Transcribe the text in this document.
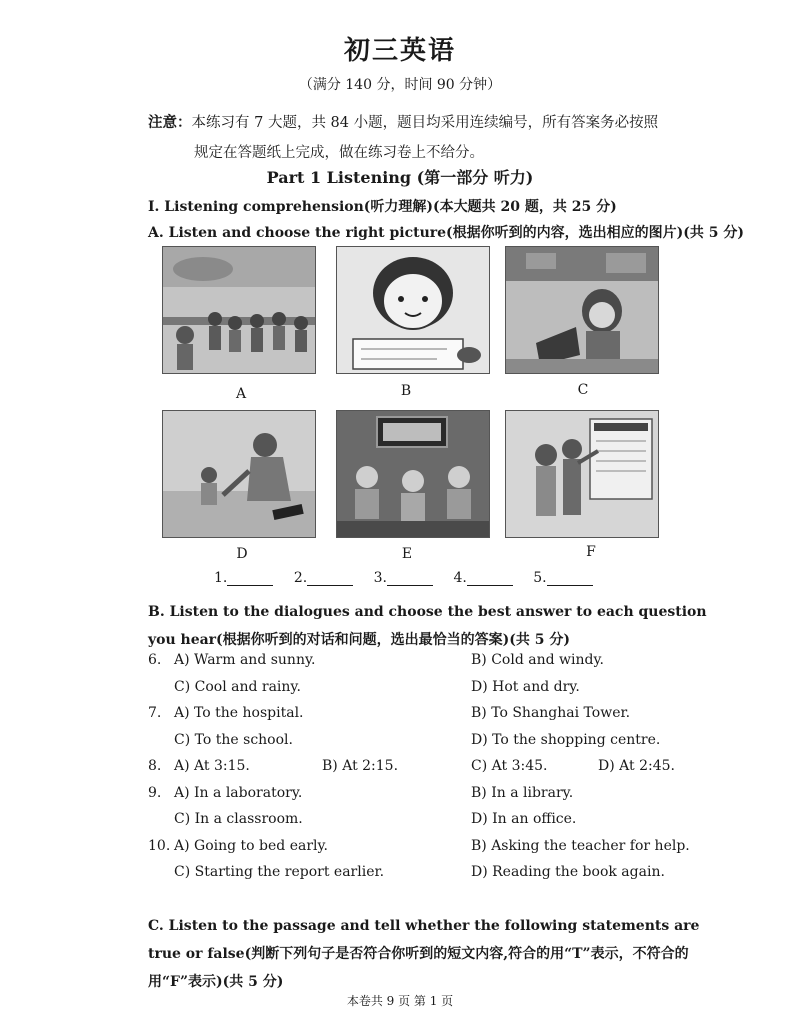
初三英语
（满分 140 分，时间 90 分钟）
注意：本练习有 7 大题，共 84 小题，题目均采用连续编号，所有答案务必按照
规定在答题纸上完成，做在练习卷上不给分。
Part 1 Listening (第一部分 听力)
I. Listening comprehension(听力理解)(本大题共 20 题，共 25 分)
A. Listen and choose the right picture(根据你听到的内容，选出相应的图片)(共 5 分)
A	B	C
D	E	F
1.	2.	3.	4.	5.
B. Listen to the dialogues and choose the best answer to each question you hear(根据你听到的对话和问题，选出最恰当的答案)(共 5 分)
6. A) Warm and sunny.	B) Cold and windy.
C) Cool and rainy.	D) Hot and dry.
7. A) To the hospital.	B) To Shanghai Tower.
C) To the school.	D) To the shopping centre.
8. A) At 3:15.	B) At 2:15.	C) At 3:45.	D) At 2:45.
9. A) In a laboratory.	B) In a library.
C) In a classroom.	D) In an office.
10. A) Going to bed early.	B) Asking the teacher for help.
C) Starting the report earlier.	D) Reading the book again.
C. Listen to the passage and tell whether the following statements are true or false(判断下列句子是否符合你听到的短文内容,符合的用“T”表示，不符合的用“F”表示)(共 5 分)
本卷共 9 页 第 1 页
